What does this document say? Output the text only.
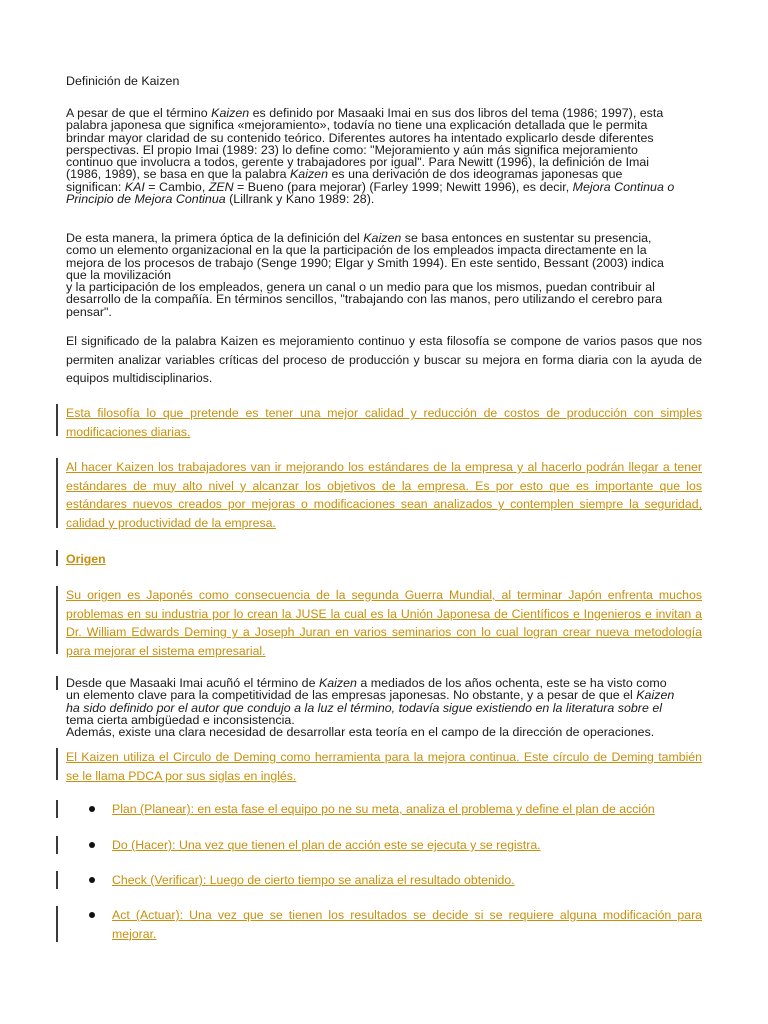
Definición de Kaizen

A pesar de que el término Kaizen es definido por Masaaki Imai en sus dos libros del tema (1986; 1997), esta

palabra japonesa que significa «mejoramiento», todavía no tiene una explicación detallada que le permita

brindar mayor claridad de su contenido teórico. Diferentes autores ha intentado explicarlo desde diferentes

perspectivas. El propio Imai (1989: 23) lo define como: "Mejoramiento y aún más significa mejoramiento

continuo que involucra a todos, gerente y trabajadores por igual". Para Newitt (1996), la definición de Imai

(1986, 1989), se basa en que la palabra Kaizen es una derivación de dos ideogramas japonesas que

significan: KAI = Cambio, ZEN = Bueno (para mejorar) (Farley 1999; Newitt 1996), es decir, Mejora Continua o

Principio de Mejora Continua (Lillrank y Kano 1989: 28).

De esta manera, la primera óptica de la definición del Kaizen se basa entonces en sustentar su presencia,

como un elemento organizacional en la que la participación de los empleados impacta directamente en la

mejora de los procesos de trabajo (Senge 1990; Elgar y Smith 1994). En este sentido, Bessant (2003) indica

que la movilización

y la participación de los empleados, genera un canal o un medio para que los mismos, puedan contribuir al

desarrollo de la compañía. En términos sencillos, "trabajando con las manos, pero utilizando el cerebro para

pensar".

El significado de la palabra Kaizen es mejoramiento continuo y esta filosofía se compone de varios pasos que nos permiten analizar variables críticas del proceso de producción y buscar su mejora en forma diaria con la ayuda de equipos multidisciplinarios.

Esta filosofía lo que pretende es tener una mejor calidad y reducción de costos de producción con simples modificaciones diarias.

Al hacer Kaizen los trabajadores van ir mejorando los estándares de la empresa y al hacerlo podrán llegar a tener estándares de muy alto nivel y alcanzar los objetivos de la empresa. Es por esto que es importante que los estándares nuevos creados por mejoras o modificaciones sean analizados y contemplen siempre la seguridad, calidad y productividad de la empresa.

Origen

Su origen es Japonés como consecuencia de la segunda Guerra Mundial, al terminar Japón enfrenta muchos problemas en su industria por lo crean la JUSE la cual es la Unión Japonesa de Científicos e Ingenieros e invitan a Dr. William Edwards Deming y a Joseph Juran en varios seminarios con lo cual logran crear nueva metodología para mejorar el sistema empresarial.

Desde que Masaaki Imai acuñó el término de Kaizen a mediados de los años ochenta, este se ha visto como

un elemento clave para la competitividad de las empresas japonesas. No obstante, y a pesar de que el Kaizen

ha sido definido por el autor que condujo a la luz el término, todavía sigue existiendo en la literatura sobre el

tema cierta ambigüedad e inconsistencia.

Además, existe una clara necesidad de desarrollar esta teoría en el campo de la dirección de operaciones.

El Kaizen utiliza el Circulo de Deming como herramienta para la mejora continua. Este círculo de Deming también se le llama PDCA por sus siglas en inglés.

Plan (Planear): en esta fase el equipo po ne su meta, analiza el problema y define el plan de acción
Do (Hacer): Una vez que tienen el plan de acción este se ejecuta y se registra.
Check (Verificar): Luego de cierto tiempo se analiza el resultado obtenido.
Act (Actuar): Una vez que se tienen los resultados se decide si se requiere alguna modificación para mejorar.
